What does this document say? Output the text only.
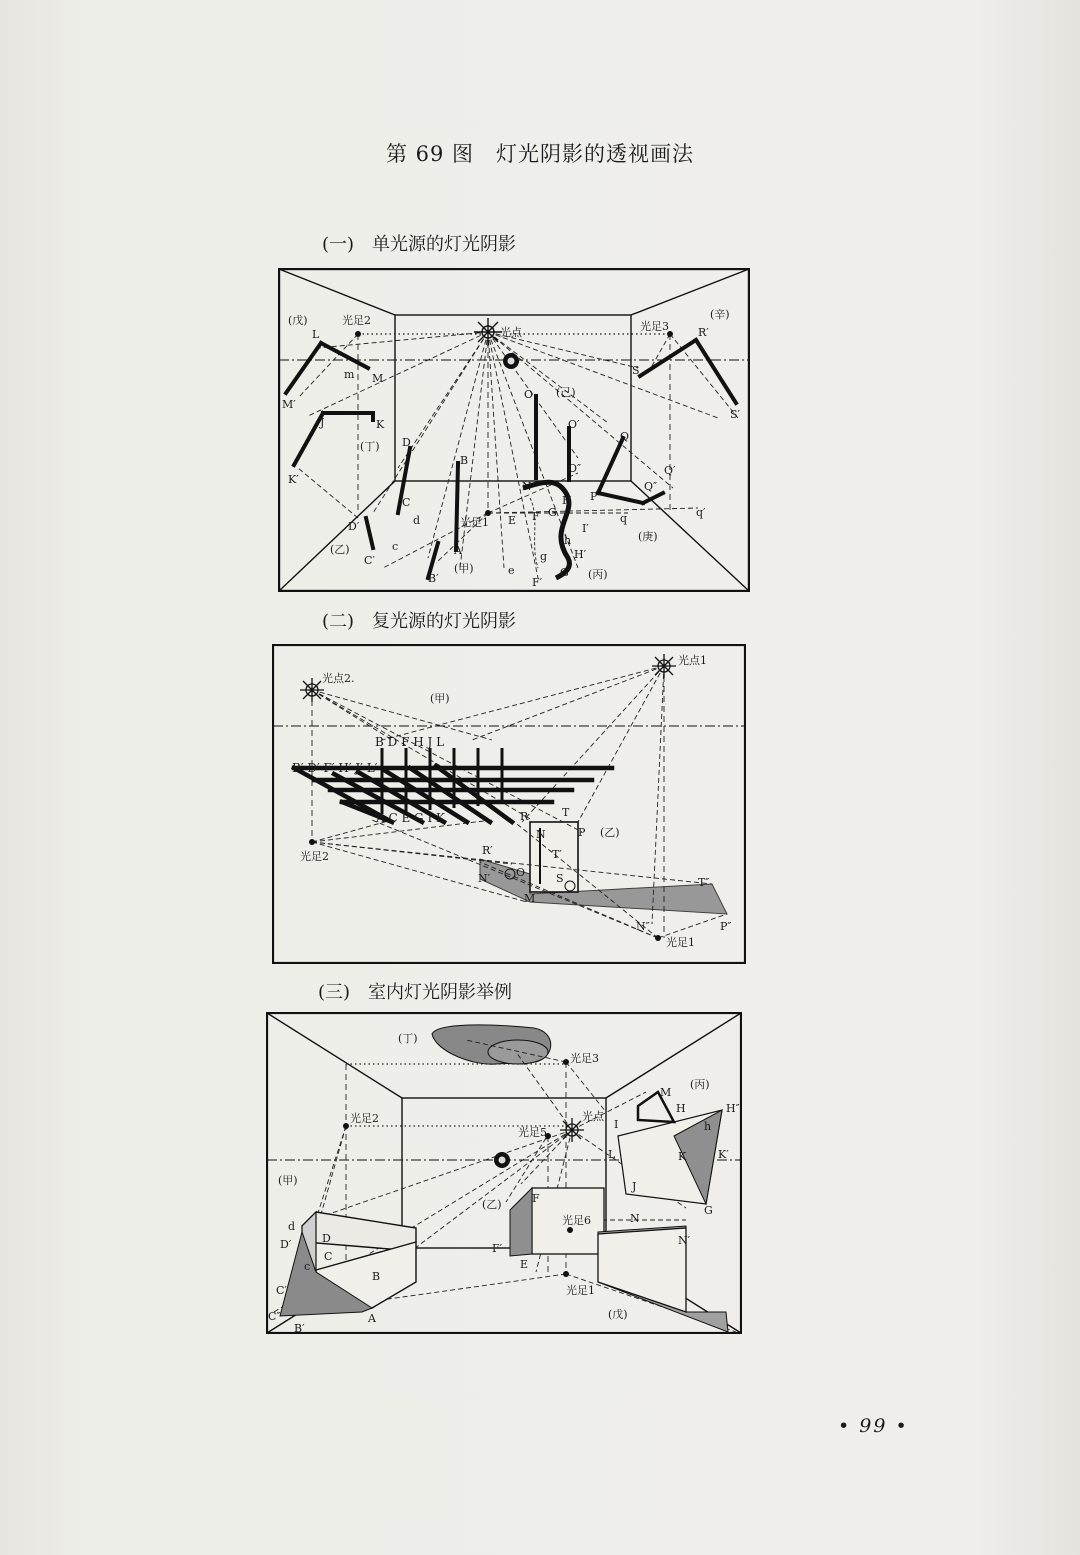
第 69 图　灯光阴影的透视画法
(一)　单光源的灯光阴影
(二)　复光源的灯光阴影
(三)　室内灯光阴影举例
• 99 •
(戊)	(辛)
(己)
(丁)
(乙)
(甲)	(丙)
(庚)
光点
光足2	光足3
光足1
L
M
m
M′
J	K
K′
R′
S
S′
D
C
D′	d
c
C′
B
A
B′
O
O′
O″
N
Q
Q′
Q″
P
q	q′
E F G
H
I′
H′
G′
F′
e
h
g
光点1
光点2.
(甲)
(乙)
光足2
光足1
B D F H J L
B′ D′ F′ H′ J′ L′
A C E G I K	R	T
N	P
T′
R′
N′ O	S
M
T″
N″	P″
(丁)
(甲)
(乙)
(丙)
(戊)
光足3
光足2
光足5
光点
光足6
光足1
M
H	H″
I
L	K	K′
J
G
h
d
D′	D
c
C
C′
C″
B′
B
A
F
F′
E
N
N′
